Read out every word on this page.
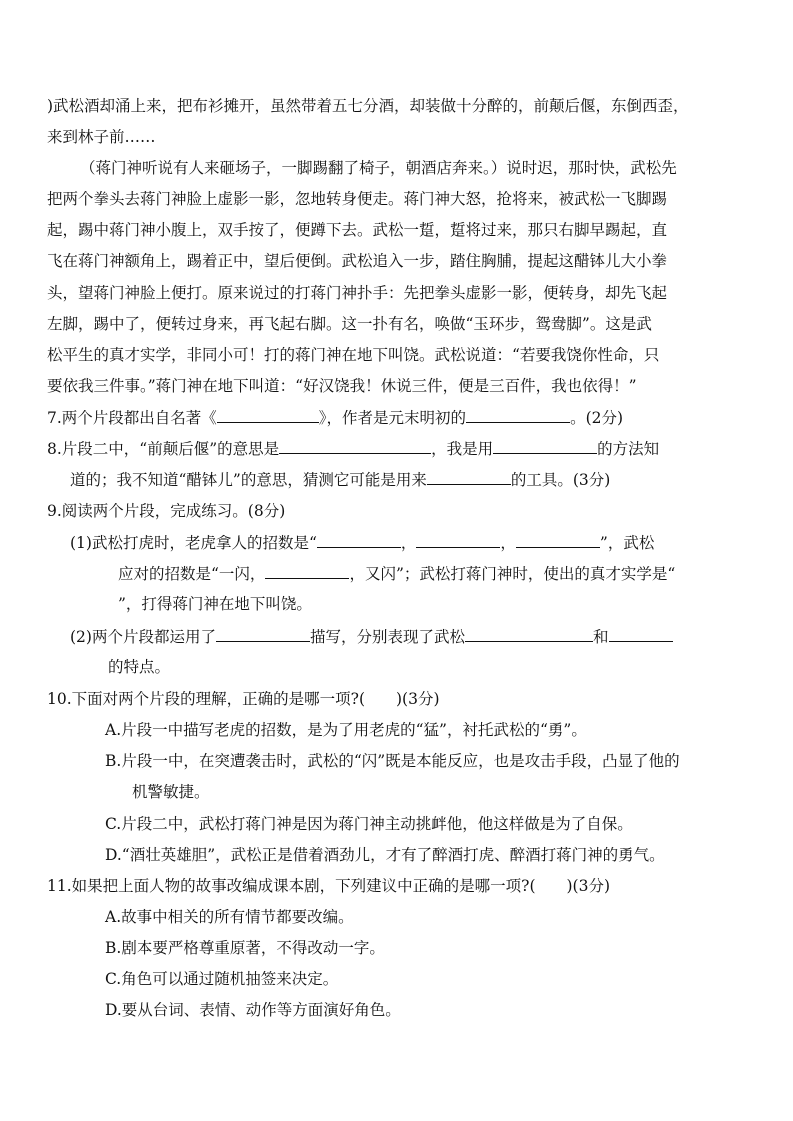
)武松酒却涌上来，把布衫摊开，虽然带着五七分酒，却装做十分醉的，前颠后偃，东倒西歪，
来到林子前……
（蒋门神听说有人来砸场子，一脚踢翻了椅子，朝酒店奔来。）说时迟，那时快，武松先
把两个拳头去蒋门神脸上虚影一影，忽地转身便走。蒋门神大怒，抢将来，被武松一飞脚踢
起，踢中蒋门神小腹上，双手按了，便蹲下去。武松一踅，踅将过来，那只右脚早踢起，直
飞在蒋门神额角上，踢着正中，望后便倒。武松追入一步，踏住胸脯，提起这醋钵儿大小拳
头，望蒋门神脸上便打。原来说过的打蒋门神扑手：先把拳头虚影一影，便转身，却先飞起
左脚，踢中了，便转过身来，再飞起右脚。这一扑有名，唤做“玉环步，鸳鸯脚”。这是武
松平生的真才实学，非同小可！打的蒋门神在地下叫饶。武松说道：“若要我饶你性命，只
要依我三件事。”蒋门神在地下叫道：“好汉饶我！休说三件，便是三百件，我也依得！”
7.两个片段都出自名著《	》，作者是元末明初的	。(2分)
8.片段二中，“前颠后偃”的意思是	，我是用	的方法知
道的；我不知道“醋钵儿”的意思，猜测它可能是用来	的工具。(3分)
9.阅读两个片段，完成练习。(8分)
(1)武松打虎时，老虎拿人的招数是“	，	，	”，武松
应对的招数是“一闪，	，又闪”；武松打蒋门神时，使出的真才实学是“
”，打得蒋门神在地下叫饶。
(2)两个片段都运用了	描写，分别表现了武松	和
的特点。
10.下面对两个片段的理解，正确的是哪一项?(　　)(3分)
A.片段一中描写老虎的招数，是为了用老虎的“猛”，衬托武松的“勇”。
B.片段一中，在突遭袭击时，武松的“闪”既是本能反应，也是攻击手段，凸显了他的
机警敏捷。
C.片段二中，武松打蒋门神是因为蒋门神主动挑衅他，他这样做是为了自保。
D.“酒壮英雄胆”，武松正是借着酒劲儿，才有了醉酒打虎、醉酒打蒋门神的勇气。
11.如果把上面人物的故事改编成课本剧，下列建议中正确的是哪一项?(　　)(3分)
A.故事中相关的所有情节都要改编。
B.剧本要严格尊重原著，不得改动一字。
C.角色可以通过随机抽签来决定。
D.要从台词、表情、动作等方面演好角色。
